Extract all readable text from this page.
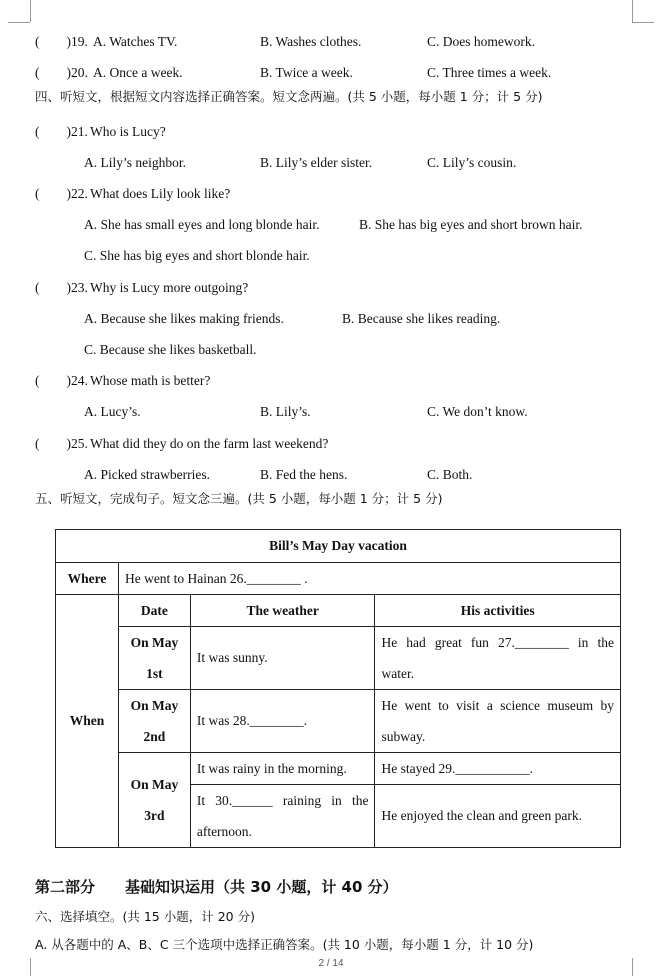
(　　)19. A. Watches TV.	B. Washes clothes.	C. Does homework.
(　　)20. A. Once a week.	B. Twice a week.	C. Three times a week.
四、听短文，根据短文内容选择正确答案。短文念两遍。(共 5 小题，每小题 1 分；计 5 分)
(　　)21. Who is Lucy?
A. Lily’s neighbor.	B. Lily’s elder sister.	C. Lily’s cousin.
(　　)22. What does Lily look like?
A. She has small eyes and long blonde hair.	B. She has big eyes and short brown hair.
C. She has big eyes and short blonde hair.
(　　)23. Why is Lucy more outgoing?
A. Because she likes making friends.	B. Because she likes reading.
C. Because she likes basketball.
(　　)24. Whose math is better?
A. Lucy’s.	B. Lily’s.	C. We don’t know.
(　　)25. What did they do on the farm last weekend?
A. Picked strawberries.	B. Fed the hens.	C. Both.
五、听短文，完成句子。短文念三遍。(共 5 小题，每小题 1 分；计 5 分)
Bill’s May Day vacation			
Where	He went to Hainan 26.________ .		
When	Date	The weather	His activities
	On May 1st	It was sunny.	He had great fun 27.________ in the water.
	On May 2nd	It was 28.________.	He went to visit a science museum by subway.
	On May 3rd	It was rainy in the morning.	He stayed 29.___________.
		It 30.______ raining in the afternoon.	He enjoyed the clean and green park.
第二部分　　基础知识运用（共 30 小题，计 40 分）
六、选择填空。(共 15 小题，计 20 分)
A. 从各题中的 A、B、C 三个选项中选择正确答案。(共 10 小题，每小题 1 分，计 10 分)
2 / 14
